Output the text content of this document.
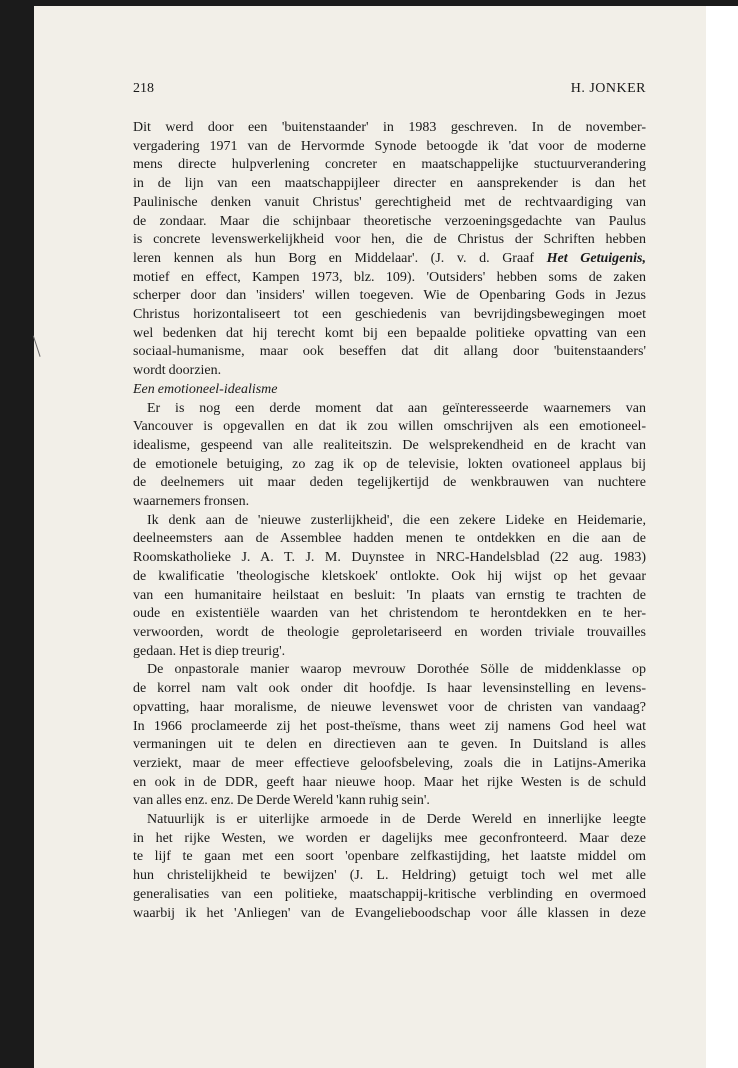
218	H. JONKER

Dit werd door een 'buitenstaander' in 1983 geschreven. In de november-

vergadering 1971 van de Hervormde Synode betoogde ik 'dat voor de moderne

mens directe hulpverlening concreter en maatschappelijke stuctuurverandering

in de lijn van een maatschappijleer directer en aansprekender is dan het

Paulinische denken vanuit Christus' gerechtigheid met de rechtvaardiging van

de zondaar. Maar die schijnbaar theoretische verzoeningsgedachte van Paulus

is concrete levenswerkelijkheid voor hen, die de Christus der Schriften hebben

leren kennen als hun Borg en Middelaar'. (J. v. d. Graaf Het Getuigenis,

motief en effect, Kampen 1973, blz. 109). 'Outsiders' hebben soms de zaken

scherper door dan 'insiders' willen toegeven. Wie de Openbaring Gods in Jezus

Christus horizontaliseert tot een geschiedenis van bevrijdingsbewegingen moet

wel bedenken dat hij terecht komt bij een bepaalde politieke opvatting van een

sociaal-humanisme, maar ook beseffen dat dit allang door 'buitenstaanders'

wordt doorzien.

Een emotioneel-idealisme

Er is nog een derde moment dat aan geïnteresseerde waarnemers van

Vancouver is opgevallen en dat ik zou willen omschrijven als een emotioneel-

idealisme, gespeend van alle realiteitszin. De welsprekendheid en de kracht van

de emotionele betuiging, zo zag ik op de televisie, lokten ovationeel applaus bij

de deelnemers uit maar deden tegelijkertijd de wenkbrauwen van nuchtere

waarnemers fronsen.

Ik denk aan de 'nieuwe zusterlijkheid', die een zekere Lideke en Heidemarie,

deelneemsters aan de Assemblee hadden menen te ontdekken en die aan de

Roomskatholieke J. A. T. J. M. Duynstee in NRC-Handelsblad (22 aug. 1983)

de kwalificatie 'theologische kletskoek' ontlokte. Ook hij wijst op het gevaar

van een humanitaire heilstaat en besluit: 'In plaats van ernstig te trachten de

oude en existentiële waarden van het christendom te herontdekken en te her-

verwoorden, wordt de theologie geproletariseerd en worden triviale trouvailles

gedaan. Het is diep treurig'.

De onpastorale manier waarop mevrouw Dorothée Sölle de middenklasse op

de korrel nam valt ook onder dit hoofdje. Is haar levensinstelling en levens-

opvatting, haar moralisme, de nieuwe levenswet voor de christen van vandaag?

In 1966 proclameerde zij het post-theïsme, thans weet zij namens God heel wat

vermaningen uit te delen en directieven aan te geven. In Duitsland is alles

verziekt, maar de meer effectieve geloofsbeleving, zoals die in Latijns-Amerika

en ook in de DDR, geeft haar nieuwe hoop. Maar het rijke Westen is de schuld

van alles enz. enz. De Derde Wereld 'kann ruhig sein'.

Natuurlijk is er uiterlijke armoede in de Derde Wereld en innerlijke leegte

in het rijke Westen, we worden er dagelijks mee geconfronteerd. Maar deze

te lijf te gaan met een soort 'openbare zelfkastijding, het laatste middel om

hun christelijkheid te bewijzen' (J. L. Heldring) getuigt toch wel met alle

generalisaties van een politieke, maatschappij-kritische verblinding en overmoed

waarbij ik het 'Anliegen' van de Evangelieboodschap voor álle klassen in deze
